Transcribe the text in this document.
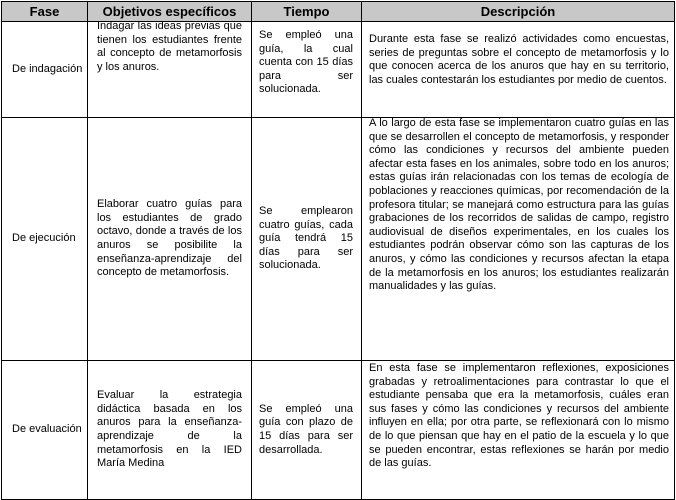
Fase	Objetivos específicos	Tiempo	Descripción

De indagación	Indagar las ideas previas que tienen los estudiantes frente al concepto de metamorfosis y los anuros.	Se empleó una guía, la cual cuenta con 15 días para ser solucionada.	Durante esta fase se realizó actividades como encuestas, series de preguntas sobre el concepto de metamorfosis y lo que conocen acerca de los anuros que hay en su territorio, las cuales contestarán los estudiantes por medio de cuentos.

De ejecución	Elaborar cuatro guías para los estudiantes de grado octavo, donde a través de los anuros se posibilite la enseñanza-aprendizaje del concepto de metamorfosis.	Se emplearon cuatro guías, cada guía tendrá 15 días para ser solucionada.	A lo largo de esta fase se implementaron cuatro guías en las que se desarrollen el concepto de metamorfosis, y responder cómo las condiciones y recursos del ambiente pueden afectar esta fases en los animales, sobre todo en los anuros; estas guías irán relacionadas con los temas de ecología de poblaciones y reacciones químicas, por recomendación de la profesora titular; se manejará como estructura para las guías grabaciones de los recorridos de salidas de campo, registro audiovisual de diseños experimentales, en los cuales los estudiantes podrán observar cómo son las capturas de los anuros, y cómo las condiciones y recursos afectan la etapa de la metamorfosis en los anuros; los estudiantes realizarán manualidades y las guías.

De evaluación	Evaluar la estrategia didáctica basada en los anuros para la enseñanza-aprendizaje de la metamorfosis en la IED María Medina	Se empleó una guía con plazo de 15 días para ser desarrollada.	En esta fase se implementaron reflexiones, exposiciones grabadas y retroalimentaciones para contrastar lo que el estudiante pensaba que era la metamorfosis, cuáles eran sus fases y cómo las condiciones y recursos del ambiente influyen en ella; por otra parte, se reflexionará con lo mismo de lo que piensan que hay en el patio de la escuela y lo que se pueden encontrar, estas reflexiones se harán por medio de las guías.
